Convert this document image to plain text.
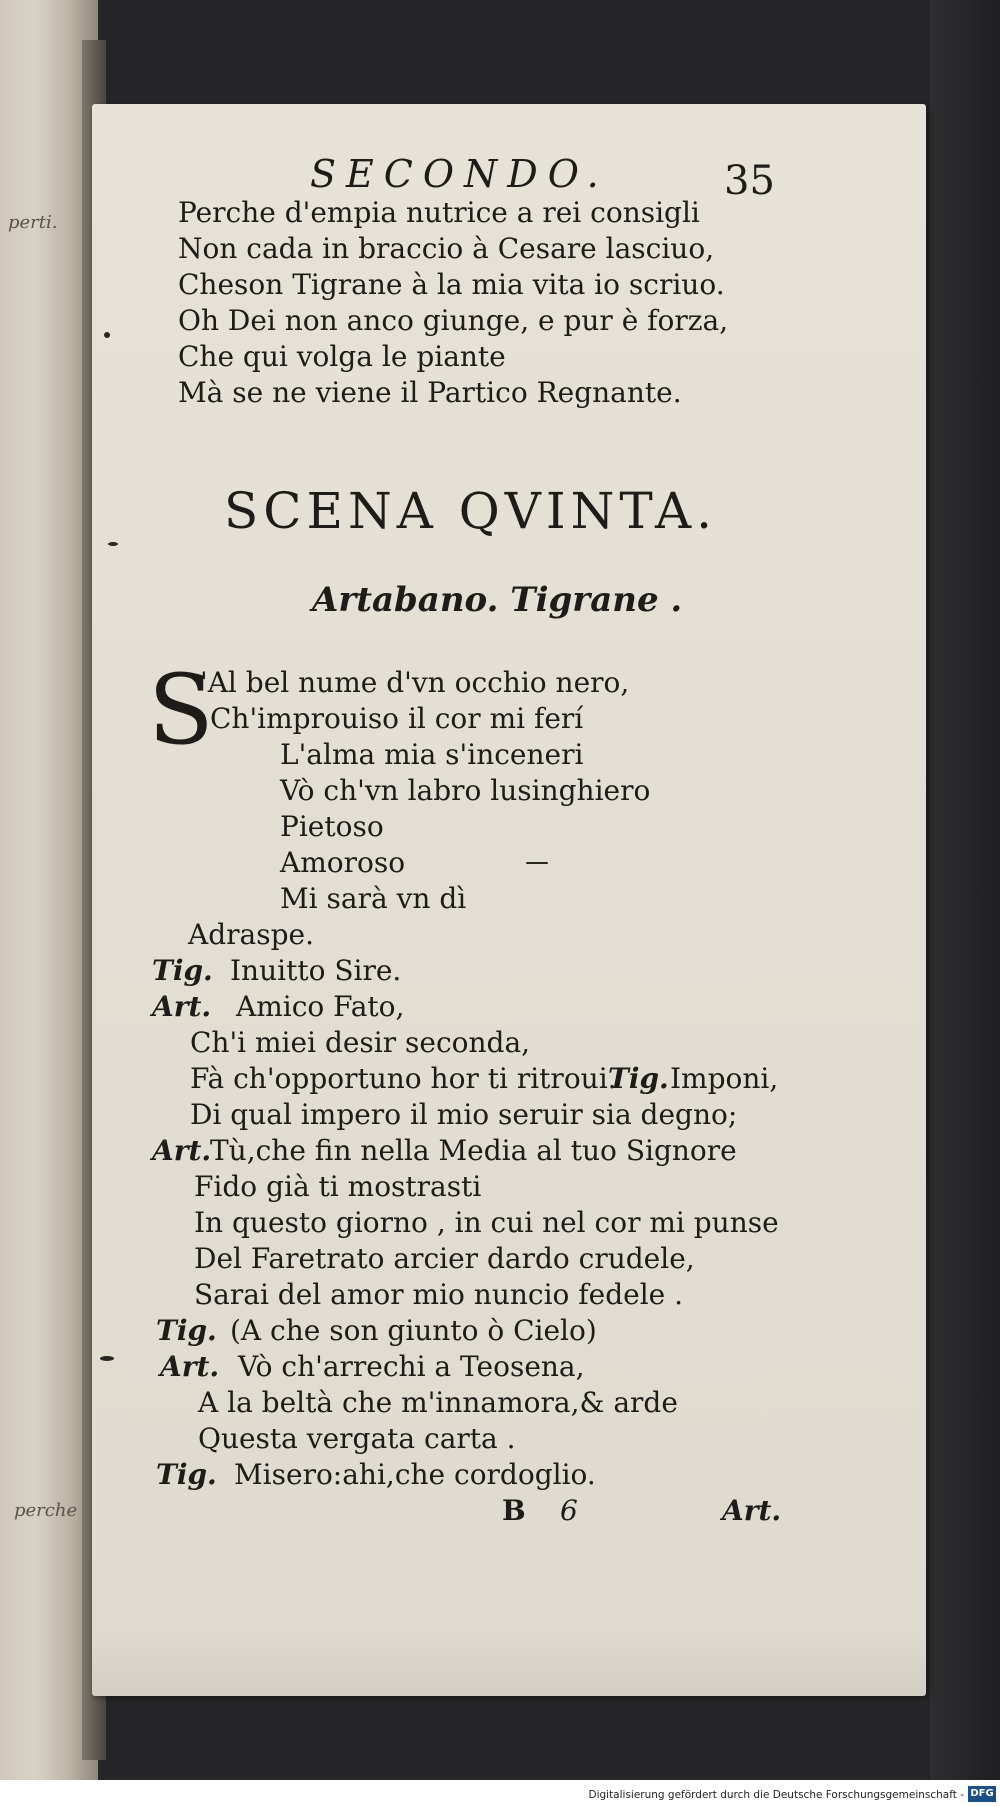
perti.
perche
SECONDO.	35
Perche d'empia nutrice a rei consigli
Non cada in braccio à Cesare lasciuo,
Cheson Tigrane à la mia vita io scriuo.
Oh Dei non anco giunge, e pur è forza,
Che qui volga le piante
Mà se ne viene il Partico Regnante.
SCENA QVINTA.
Artabano. Tigrane .
S
'Al bel nume d'vn occhio nero,
Ch'improuiso il cor mi ferí
L'alma mia s'inceneri
Vò ch'vn labro lusinghiero
Pietoso
Amoroso
Mi sarà vn dì
Adraspe.
Tig. Inuitto Sire.
Art. Amico Fato,
Ch'i miei desir seconda,
Fà ch'opportuno hor ti ritroui.
Tig. Imponi,
Di qual impero il mio seruir sia degno;
Art.
Tù,che fin nella Media al tuo Signore
Fido già ti mostrasti
In questo giorno , in cui nel cor mi punse
Del Faretrato arcier dardo crudele,
Sarai del amor mio nuncio fedele .
Tig. (A che son giunto ò Cielo)
Art. Vò ch'arrechi a Teosena,
A la beltà che m'innamora,& arde
Questa vergata carta .
Tig. Misero:ahi,che cordoglio.
B 6	Art.
Digitalisierung gefördert durch die Deutsche Forschungsgemeinschaft - DFG
